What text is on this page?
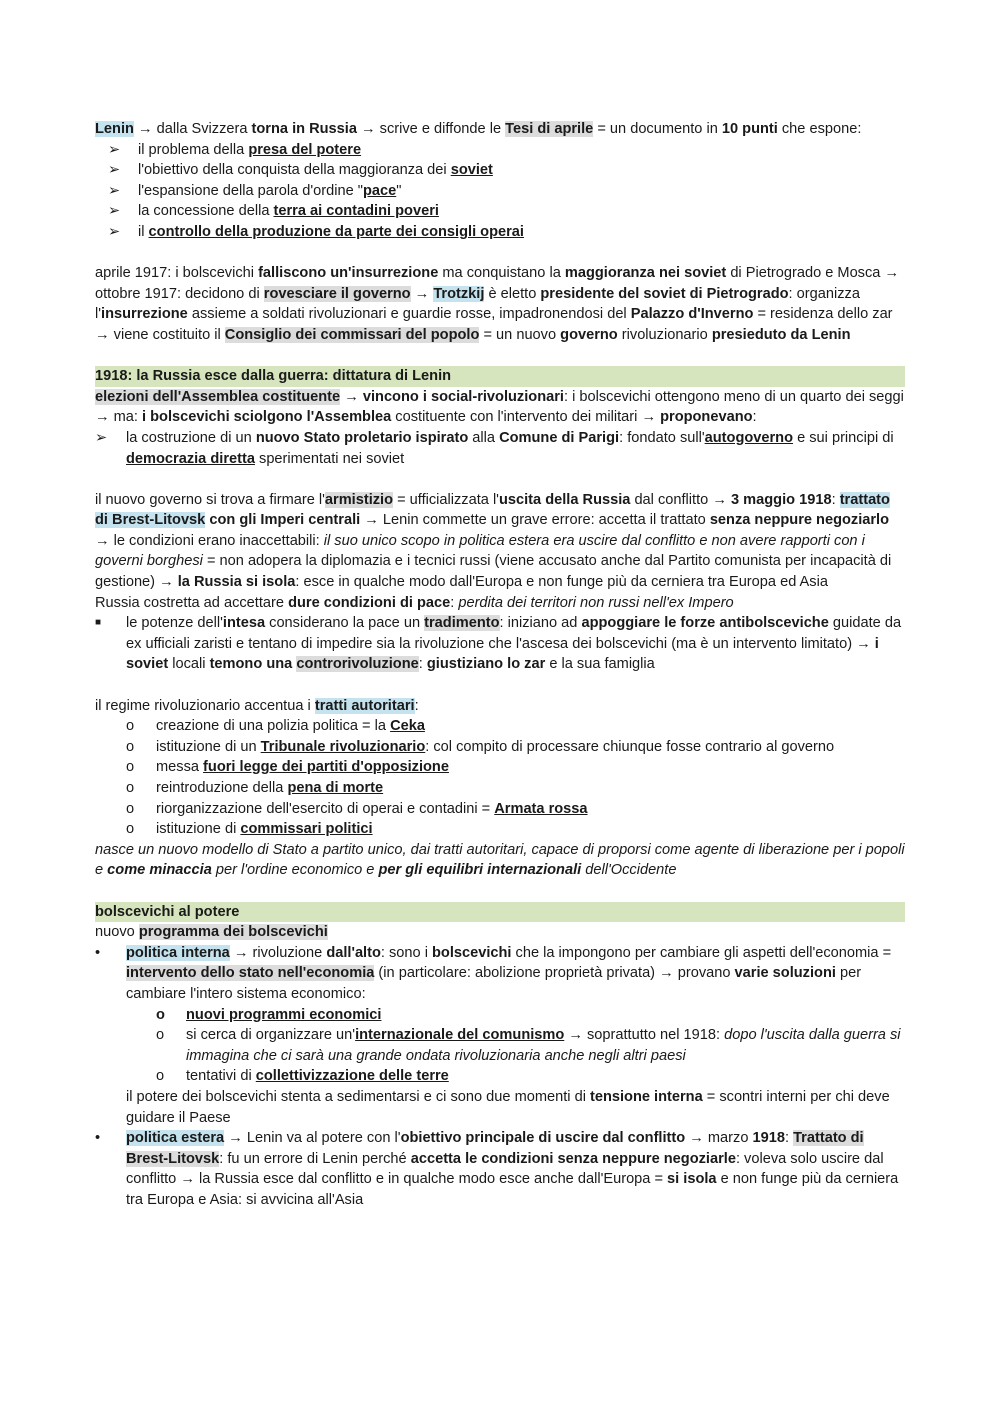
Lenin → dalla Svizzera torna in Russia → scrive e diffonde le Tesi di aprile = un documento in 10 punti che espone:

➢ il problema della presa del potere
➢ l'obiettivo della conquista della maggioranza dei soviet
➢ l'espansione della parola d'ordine "pace"
➢ la concessione della terra ai contadini poveri
➢ il controllo della produzione da parte dei consigli operai

aprile 1917: i bolscevichi falliscono un'insurrezione ma conquistano la maggioranza nei soviet di Pietrogrado e Mosca → ottobre 1917: decidono di rovesciare il governo → Trotzkij è eletto presidente del soviet di Pietrogrado: organizza l'insurrezione assieme a soldati rivoluzionari e guardie rosse, impadronendosi del Palazzo d'Inverno = residenza dello zar → viene costituito il Consiglio dei commissari del popolo = un nuovo governo rivoluzionario presieduto da Lenin

1918: la Russia esce dalla guerra: dittatura di Lenin

elezioni dell'Assemblea costituente → vincono i social-rivoluzionari: i bolscevichi ottengono meno di un quarto dei seggi → ma: i bolscevichi sciolgono l'Assemblea costituente con l'intervento dei militari → proponevano:

➢ la costruzione di un nuovo Stato proletario ispirato alla Comune di Parigi: fondato sull'autogoverno e sui principi di democrazia diretta sperimentati nei soviet

il nuovo governo si trova a firmare l'armistizio = ufficializzata l'uscita della Russia dal conflitto → 3 maggio 1918: trattato di Brest-Litovsk con gli Imperi centrali → Lenin commette un grave errore: accetta il trattato senza neppure negoziarlo → le condizioni erano inaccettabili: il suo unico scopo in politica estera era uscire dal conflitto e non avere rapporti con i governi borghesi = non adopera la diplomazia e i tecnici russi (viene accusato anche dal Partito comunista per incapacità di gestione) → la Russia si isola: esce in qualche modo dall'Europa e non funge più da cerniera tra Europa ed Asia

Russia costretta ad accettare dure condizioni di pace: perdita dei territori non russi nell'ex Impero

■ le potenze dell'intesa considerano la pace un tradimento: iniziano ad appoggiare le forze antibolsceviche guidate da ex ufficiali zaristi e tentano di impedire sia la rivoluzione che l'ascesa dei bolscevichi (ma è un intervento limitato) → i soviet locali temono una controrivoluzione: giustiziano lo zar e la sua famiglia

il regime rivoluzionario accentua i tratti autoritari:

o creazione di una polizia politica = la Ceka
o istituzione di un Tribunale rivoluzionario: col compito di processare chiunque fosse contrario al governo
o messa fuori legge dei partiti d'opposizione
o reintroduzione della pena di morte
o riorganizzazione dell'esercito di operai e contadini = Armata rossa
o istituzione di commissari politici

nasce un nuovo modello di Stato a partito unico, dai tratti autoritari, capace di proporsi come agente di liberazione per i popoli e come minaccia per l'ordine economico e per gli equilibri internazionali dell'Occidente

bolscevichi al potere

nuovo programma dei bolscevichi

• politica interna → rivoluzione dall'alto: sono i bolscevichi che la impongono per cambiare gli aspetti dell'economia = intervento dello stato nell'economia (in particolare: abolizione proprietà privata) → provano varie soluzioni per cambiare l'intero sistema economico:
o nuovi programmi economici
o si cerca di organizzare un'internazionale del comunismo → soprattutto nel 1918: dopo l'uscita dalla guerra si immagina che ci sarà una grande ondata rivoluzionaria anche negli altri paesi
o tentativi di collettivizzazione delle terre

il potere dei bolscevichi stenta a sedimentarsi e ci sono due momenti di tensione interna = scontri interni per chi deve guidare il Paese

• politica estera → Lenin va al potere con l'obiettivo principale di uscire dal conflitto → marzo 1918: Trattato di Brest-Litovsk: fu un errore di Lenin perché accetta le condizioni senza neppure negoziarle: voleva solo uscire dal conflitto → la Russia esce dal conflitto e in qualche modo esce anche dall'Europa = si isola e non funge più da cerniera tra Europa e Asia: si avvicina all'Asia
